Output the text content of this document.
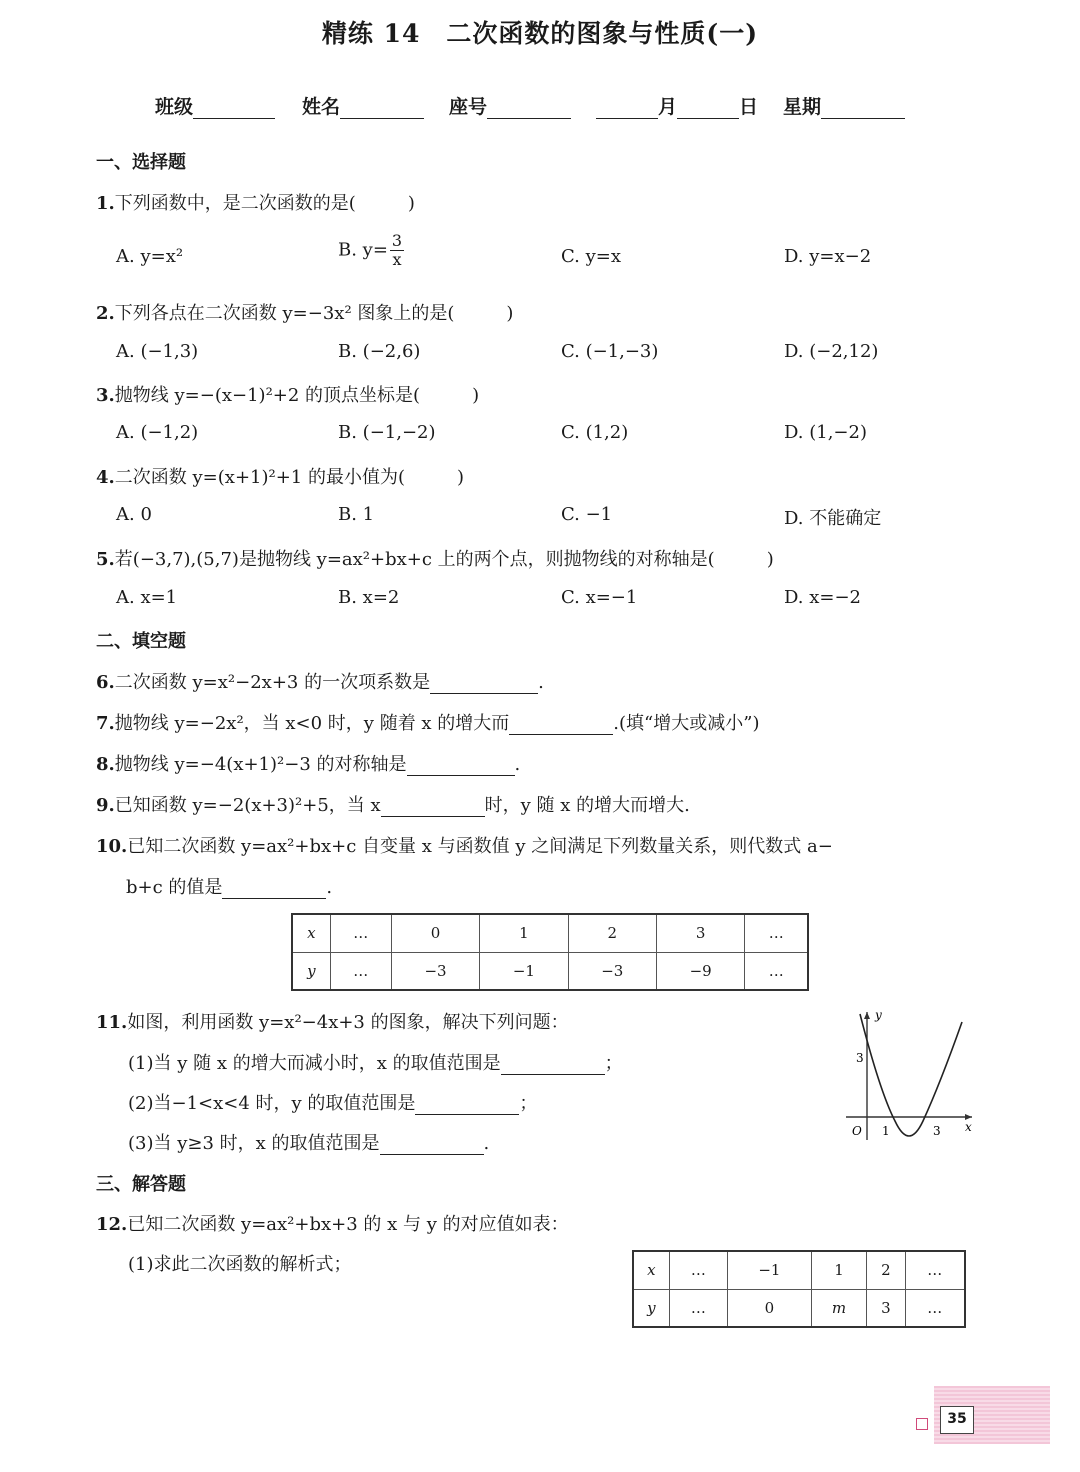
精练 14　二次函数的图象与性质(一)
班级	姓名	座号	月	日 星期
一、选择题
1.下列函数中，是二次函数的是(	)
A. y=x²	B. $y= \frac{3}{x}$	C. y=x	D. y=x−2
2.下列各点在二次函数 y=−3x² 图象上的是(	)
A. (−1,3)	B. (−2,6)	C. (−1,−3)	D. (−2,12)
3.抛物线 y=−(x−1)²+2 的顶点坐标是(	)
A. (−1,2)	B. (−1,−2)	C. (1,2)	D. (1,−2)
4.二次函数 y=(x+1)²+1 的最小值为(	)
A. 0	B. 1	C. −1	D. 不能确定
5.若(−3,7),(5,7)是抛物线 y=ax²+bx+c 上的两个点，则抛物线的对称轴是(	)
A. x=1	B. x=2	C. x=−1	D. x=−2
二、填空题
6.二次函数 y=x²−2x+3 的一次项系数是	.
7.抛物线 y=−2x²，当 x<0 时，y 随着 x 的增大而	.(填“增大或减小”)
8.抛物线 y=−4(x+1)²−3 的对称轴是	.
9.已知函数 y=−2(x+3)²+5，当 x	时，y 随 x 的增大而增大.
10.已知二次函数 y=ax²+bx+c 自变量 x 与函数值 y 之间满足下列数量关系，则代数式 a−
b+c 的值是	.
x	…	0	1	2	3	…
y	…	−3	−1	−3	−9	…
11.如图，利用函数 y=x²−4x+3 的图象，解决下列问题：
(1)当 y 随 x 的增大而减小时，x 的取值范围是	；
(2)当−1<x<4 时，y 的取值范围是	；
(3)当 y≥3 时，x 的取值范围是	.
y
x
O 1	3
3
三、解答题
12.已知二次函数 y=ax²+bx+3 的 x 与 y 的对应值如表：
(1)求此二次函数的解析式；	x	…	−1	1	2	…
y	…	0	m	3	…
35
